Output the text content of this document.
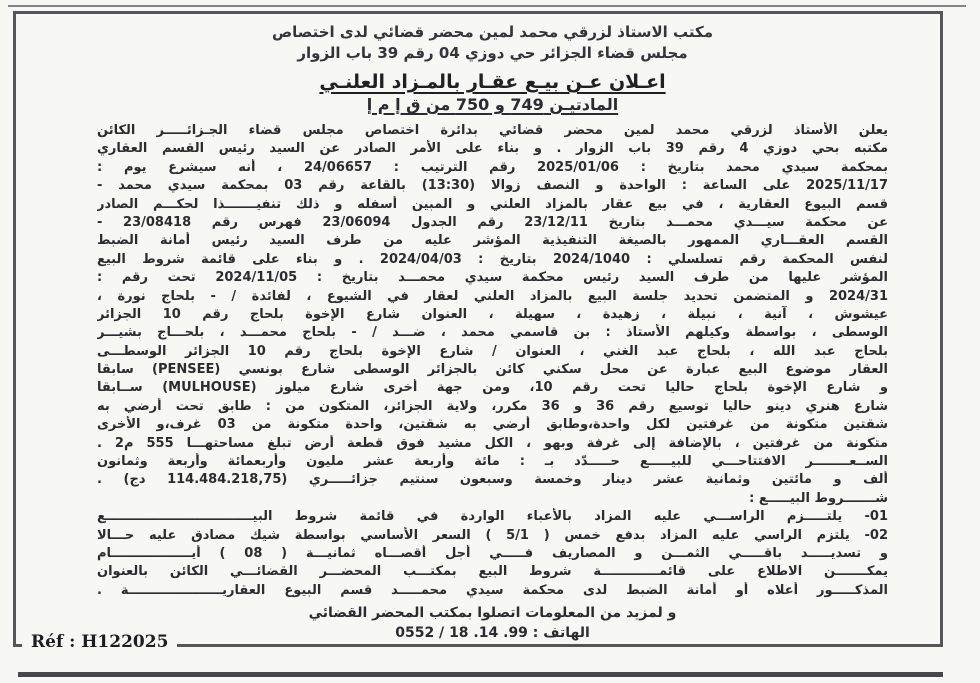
مكتب الاستاذ لزرقي محمد لمين محضر قضائي لدى اختصاص
مجلس قضاء الجزائر حي دوزي 04 رقم 39 باب الزوار
اعـلان عـن بيـع عقـار بالمـزاد العلنـي
المادتيـن 749 و 750 من ق إ م إ
يعلن الأستاذ لزرقي محمد لمين محضر قضائي بدائرة اختصاص مجلس قضاء الجـزائـــــر الكائن
مكتبه بحي دوزي 4 رقم 39 باب الزوار . و بناء على الأمر الصادر عن السيد رئيس القسم العقاري
بمحكمة سيدي محمد بتاريخ : 2025/01/06 رقم الترتيب : 24/06657 ، أنه سيشرع يوم :
2025/11/17 على الساعة : الواحدة و النصف زوالا (13:30) بالقاعة رقم 03 بمحكمة سيدي محمد -
قسم البيوع العقارية ، في بيع عقار بالمزاد العلني و المبين أسفله و ذلك تنفيـــــــذا لحكـــم الصادر
عن محكمة سيـــدي محمـــد بتاريخ 23/12/11 رقم الجدول 23/06094 فهرس رقم 23/08418 -
القسم العقـــاري الممهور بالصيغة التنفيذية المؤشر عليه من طرف السيد رئيس أمانة الضبط
لنفس المحكمة رقم تسلسلي : 2024/1040 بتاريخ : 2024/04/03 . و بناء على قائمة شروط البيع
المؤشر عليها من طرف السيد رئيس محكمة سيدي محمـــد بتاريخ : 2024/11/05 تحت رقم :
2024/31 و المتضمن تحديد جلسة البيع بالمزاد العلني لعقار في الشيوع ، لفائدة / - بلحاج نورة ،
عيشوش ، آنية ، نبيلة ، زهيدة ، سهيلة ، العنوان شارع الإخوة بلحاج رقم 10 الجزائر
الوسطى ، بواسطة وكيلهم الأستاذ : بن قاسمي محمد ، ضـــد / - بلحاج محمـــد ، بلحـــاج بشيـــر
بلحاج عبد الله ، بلحاج عبد الغني ، العنوان / شارع الإخوة بلحاج رقم 10 الجزائر الوسطـــى
العقار موضوع البيع عبارة عن محل سكني كائن بالجزائر الوسطى شارع بونسي (PENSEE) سابقا
و شارع الإخوة بلحاج حاليا تحت رقم 10، ومن جهة أخرى شارع ميلوز (MULHOUSE) ســابقا
شارع هنري دينو حاليا توسيع رقم 36 و 36 مكرر، ولاية الجزائر، المتكون من : طابق تحت أرضي به
شقتين متكونة من غرفتين لكل واحدة،وطابق أرضي به شقتين، واحدة متكونة من 03 غرف،و الأخرى
متكونة من غرفتين ، بالإضافة إلى غرفة وبهو ، الكل مشيد فوق قطعة أرض تبلغ مساحتهـــا 555 م2 .
الســعــــــــر الافتتاحـــي للبيـــــع حـــــدّد بـ : مائة وأربعة عشر مليون وأربعمائة وأربعة وثمانون
ألف و مائتين وثمانية عشر دينار وخمسة وسبعون سنتيم جزائـــــري (114.484.218,75 دج) .
شـــــــروط البيـــــع :
01- يلتـــــزم الراســـي عليه المزاد بالأعباء الواردة في قائمة شروط البيـــــــــــــــــــــــــــــــــع
02- يلتزم الراسي عليه المزاد بدفع خمس ( 5/1 ) السعر الأساسي بواسطة شيك مصادق عليه حـــالا
و تسديـــــد باقـــــي الثمـــن و المصاريف فـــــي أجل أقصـــاه ثمانيـــة ( 08 ) أيــــــــــــــــــام
يمكـــــــن الاطلاع على قائمـــــــــــــة شروط البيع بمكتـــب المحضـــر القضائـــي الكائن بالعنوان
المذكـــــور أعلاه أو أمانة الضبط لدى محكمة سيدي محمـــــد قسم البيوع العقاريـــــــــــــــــــــة .
و لمزيد من المعلومات اتصلوا بمكتب المحضر القضائي
الهاتف : 99. 14. 18 / 0552
Réf : H122025
